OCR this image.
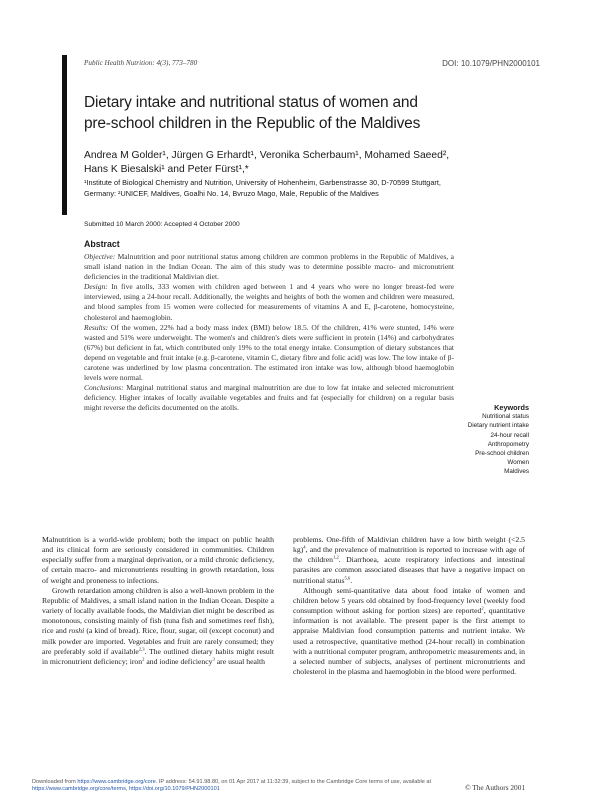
Public Health Nutrition: 4(3), 773–780	DOI: 10.1079/PHN2000101
Dietary intake and nutritional status of women and
pre-school children in the Republic of the Maldives
Andrea M Golder¹, Jürgen G Erhardt¹, Veronika Scherbaum¹, Mohamed Saeed²,
Hans K Biesalski¹ and Peter Fürst¹,*
¹Institute of Biological Chemistry and Nutrition, University of Hohenheim, Garbenstrasse 30, D-70599 Stuttgart,
Germany: ²UNICEF, Maldives, Goalhi No. 14, Bvruzo Mago, Male, Republic of the Maldives
Submitted 10 March 2000: Accepted 4 October 2000
Abstract

Objective: Malnutrition and poor nutritional status among children are common problems in the Republic of Maldives, a small island nation in the Indian Ocean. The aim of this study was to determine possible macro- and micronutrient deficiencies in the traditional Maldivian diet.

Design: In five atolls, 333 women with children aged between 1 and 4 years who were no longer breast-fed were interviewed, using a 24-hour recall. Additionally, the weights and heights of both the women and children were measured, and blood samples from 15 women were collected for measurements of vitamins A and E, β-carotene, homocysteine, cholesterol and haemoglobin.

Results: Of the women, 22% had a body mass index (BMI) below 18.5. Of the children, 41% were stunted, 14% were wasted and 51% were underweight. The women's and children's diets were sufficient in protein (14%) and carbohydrates (67%) but deficient in fat, which contributed only 19% to the total energy intake. Consumption of dietary substances that depend on vegetable and fruit intake (e.g. β-carotene, vitamin C, dietary fibre and folic acid) was low. The low intake of β-carotene was underlined by low plasma concentration. The estimated iron intake was low, although blood haemoglobin levels were normal.

Conclusions: Marginal nutritional status and marginal malnutrition are due to low fat intake and selected micronutrient deficiency. Higher intakes of locally available vegetables and fruits and fat (especially for children) on a regular basis might reverse the deficits documented on the atolls.	Keywords
Nutritional status
Dietary nutrient intake
24-hour recall
Anthropometry
Pre-school children
Women
Maldives

Malnutrition is a world-wide problem; both the impact on public health and its clinical form are seriously considered in communities. Children especially suffer from a marginal deprivation, or a mild chronic deficiency, of certain macro- and micronutrients resulting in growth retardation, loss of weight and proneness to infections.

Growth retardation among children is also a well-known problem in the Republic of Maldives, a small island nation in the Indian Ocean. Despite a variety of locally available foods, the Maldivian diet might be described as monotonous, consisting mainly of fish (tuna fish and sometimes reef fish), rice and roshi (a kind of bread). Rice, flour, sugar, oil (except coconut) and milk powder are imported. Vegetables and fruit are rarely consumed; they are preferably sold if available$^{2,3}$. The outlined dietary habits might result in micronutrient deficiency; iron$^2$ and iodine deficiency$^3$ are usual health

problems. One-fifth of Maldivian children have a low birth weight (<2.5 kg)$^4$, and the prevalence of malnutrition is reported to increase with age of the children$^{1,2}$. Diarrhoea, acute respiratory infections and intestinal parasites are common associated diseases that have a negative impact on nutritional status$^{5,6}$.

Although semi-quantitative data about food intake of women and children below 5 years old obtained by food-frequency level (weekly food consumption without asking for portion sizes) are reported$^2$, quantitative information is not available. The present paper is the first attempt to appraise Maldivian food consumption patterns and nutrient intake. We used a retrospective, quantitative method (24-hour recall) in combination with a nutritional computer program, anthropometric measurements and, in a selected number of subjects, analyses of pertinent micronutrients and cholesterol in the plasma and haemoglobin in the blood were performed.

Downloaded from https://www.cambridge.org/core. IP address: 54.91.98.80, on 01 Apr 2017 at 11:32:39, subject to the Cambridge Core terms of use, available at
https://www.cambridge.org/core/terms, https://doi.org/10.1079/PHN2000101	© The Authors 2001
